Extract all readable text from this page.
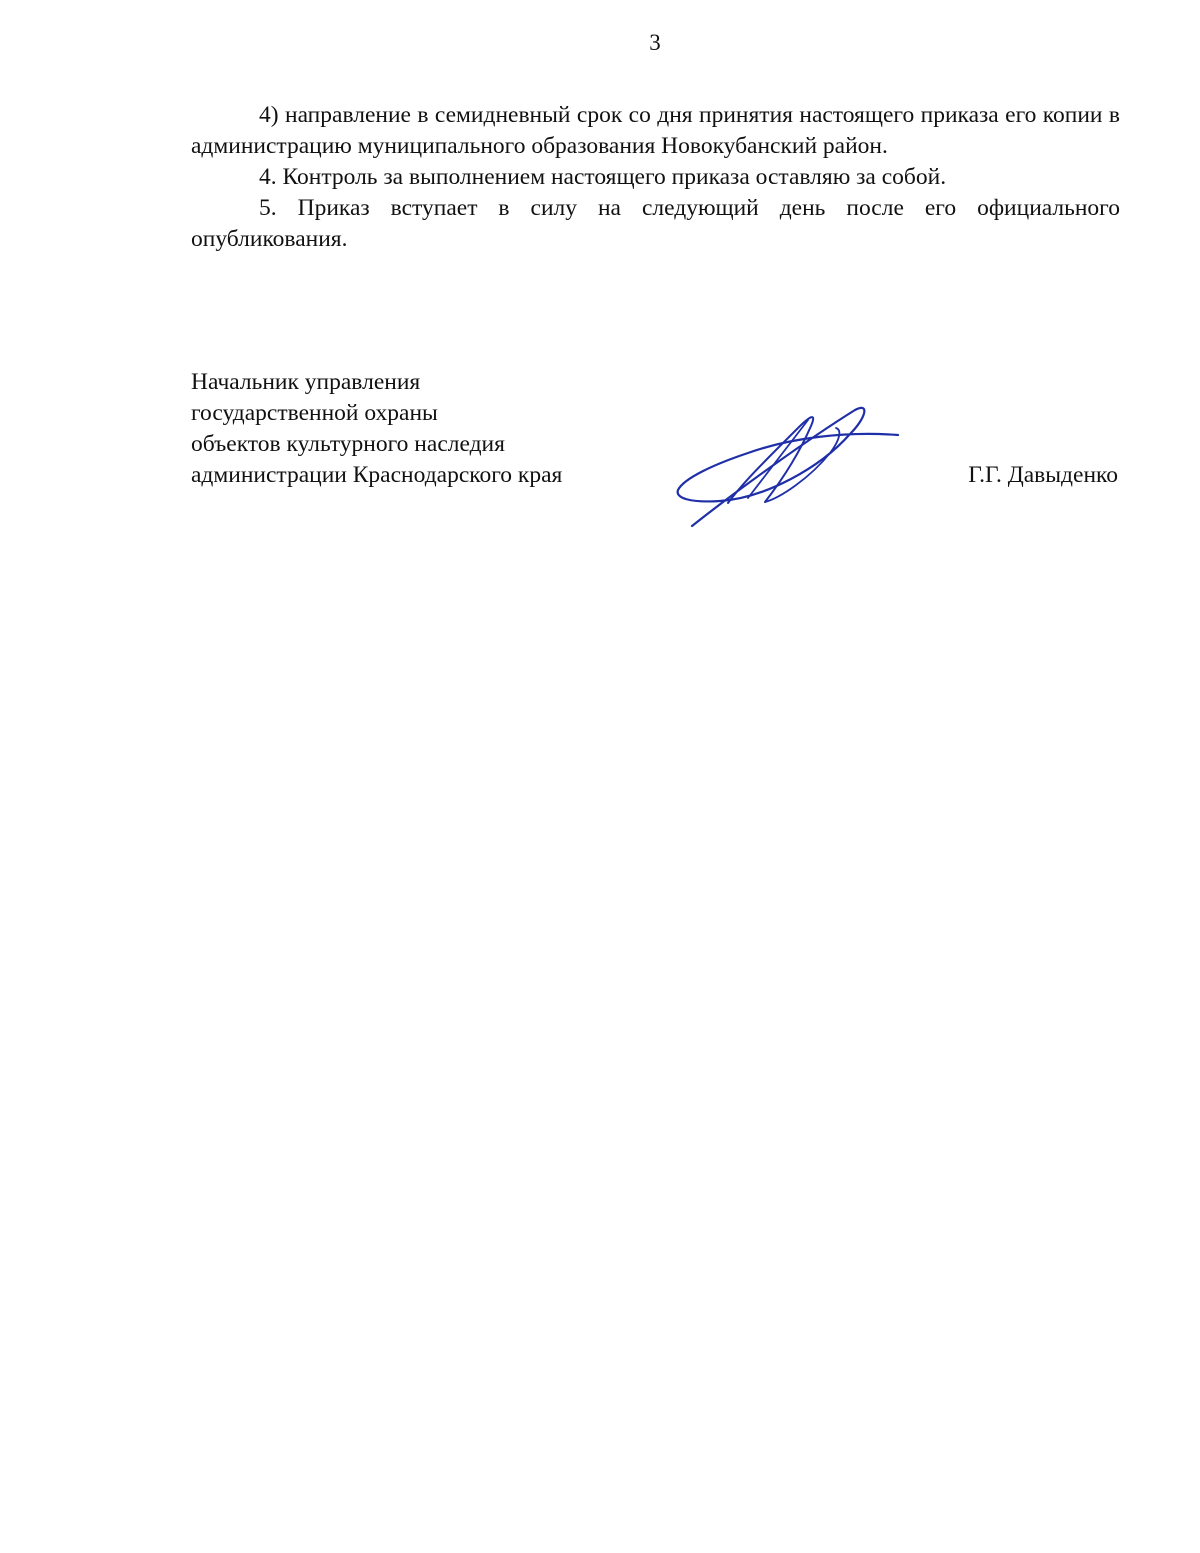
3

4) направление в семидневный срок со дня принятия настоящего приказа его копии в администрацию муниципального образования Новокубанский район.

4. Контроль за выполнением настоящего приказа оставляю за собой.

5. Приказ вступает в силу на следующий день после его официального опубликования.

Начальник управления
государственной охраны
объектов культурного наследия
администрации Краснодарского края	Г.Г. Давыденко
